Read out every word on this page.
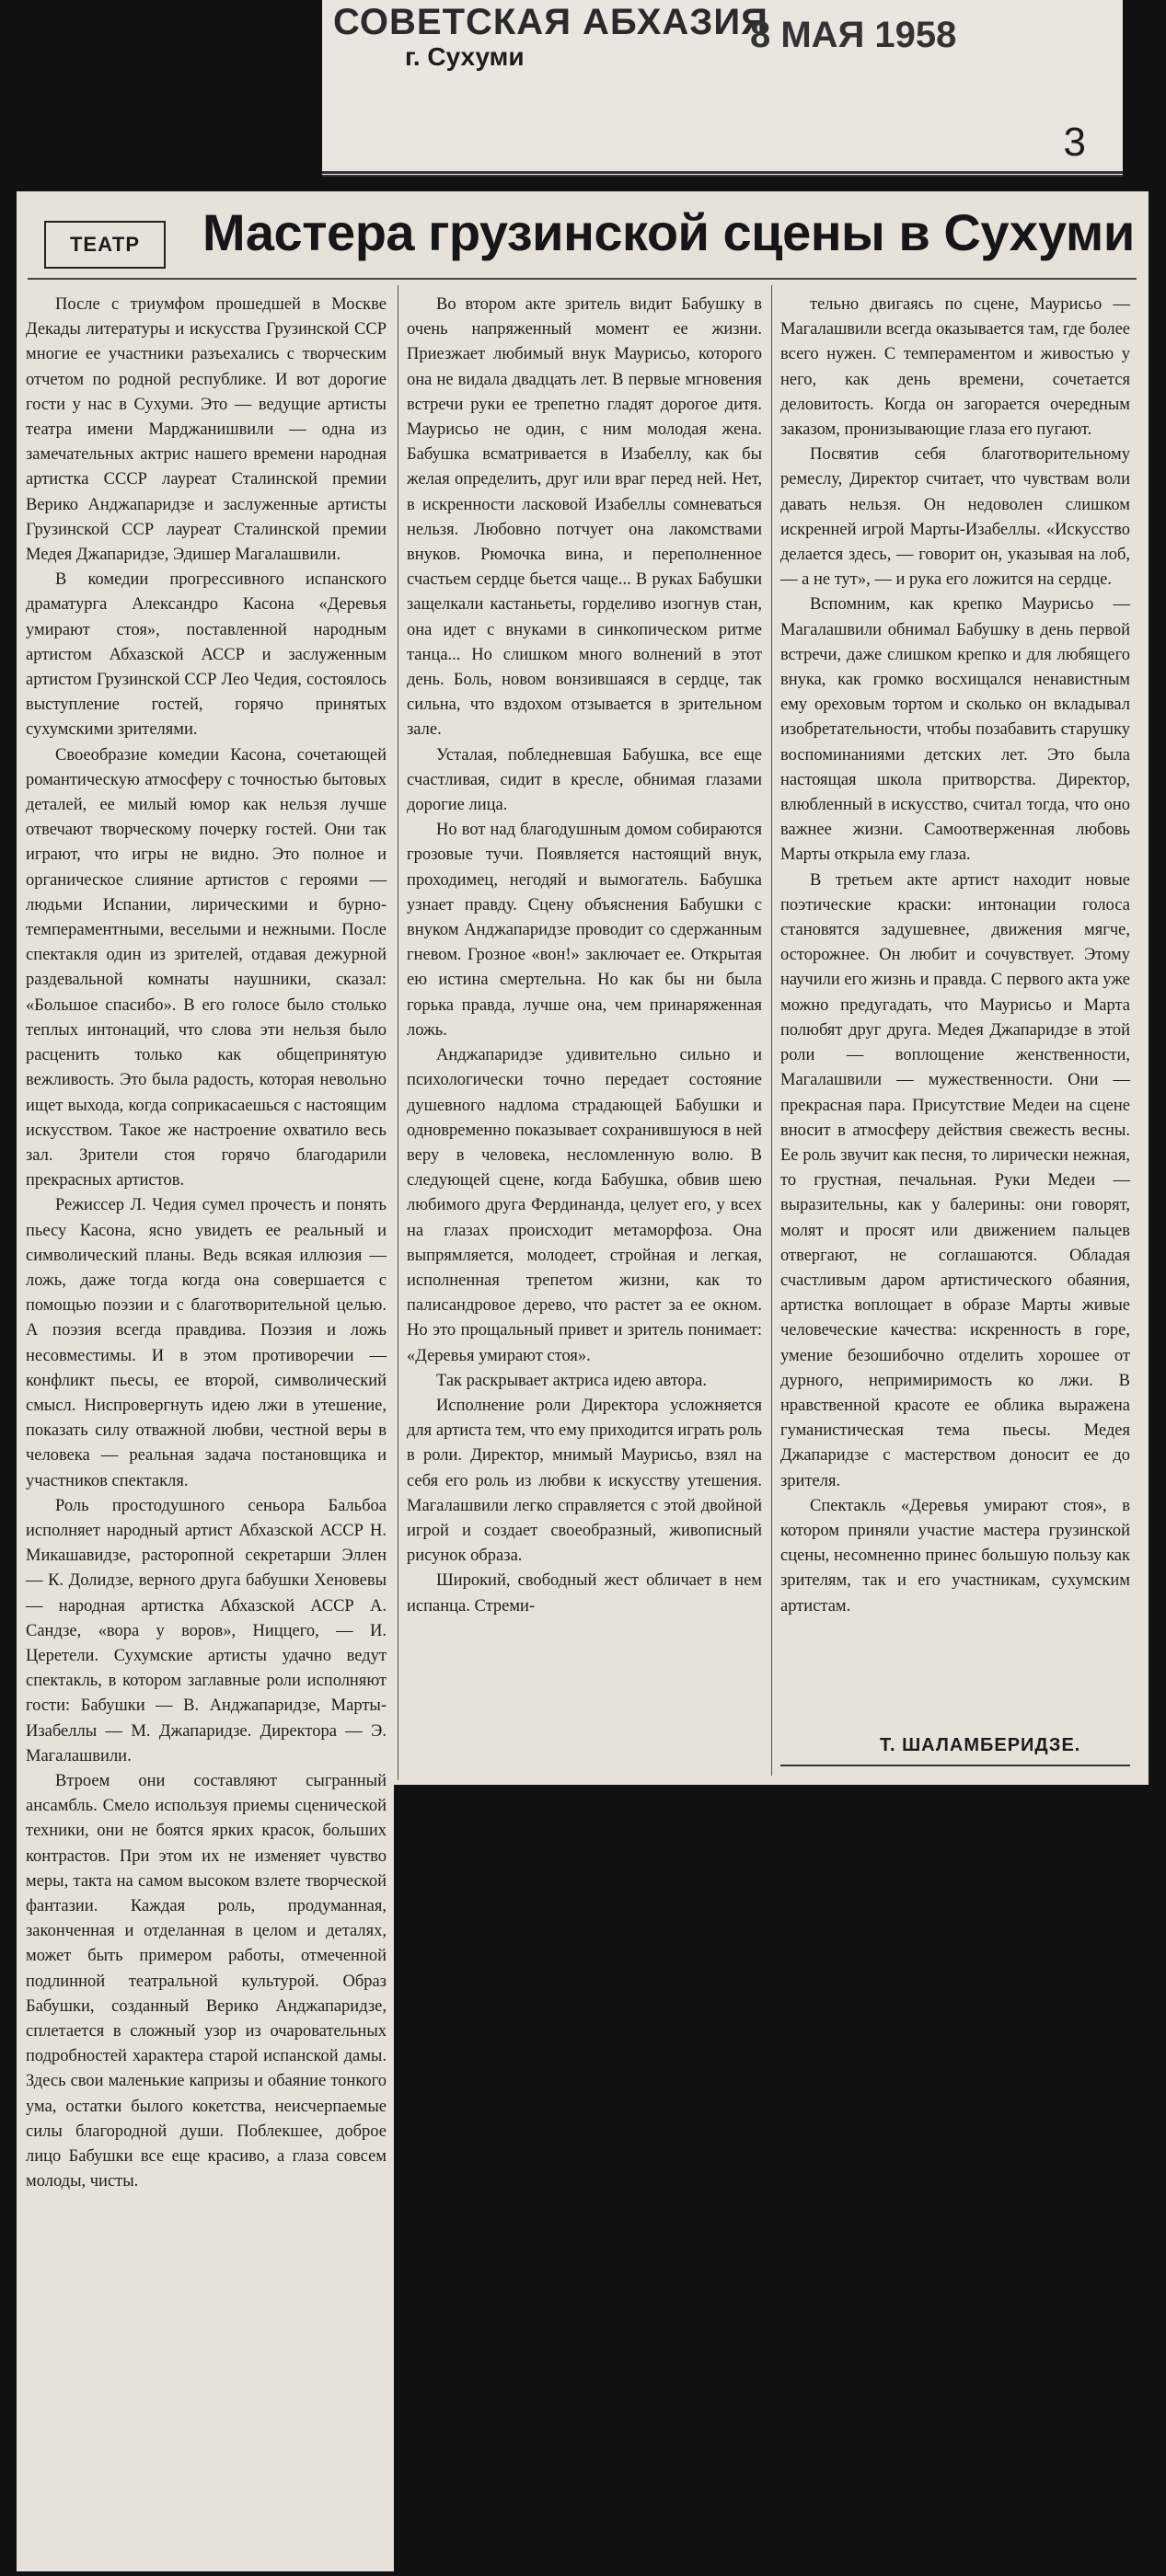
СОВЕТСКАЯ АБХАЗИЯ
г. Сухуми
8 МАЯ 1958
3
ТЕАТР	Мастера грузинской сцены в Сухуми

После с триумфом прошедшей в Москве Декады литературы и искусства Грузинской ССР многие ее участники разъехались с творческим отчетом по родной республике. И вот дорогие гости у нас в Сухуми. Это — ведущие артисты театра имени Марджанишвили — одна из замечательных актрис нашего времени народная артистка СССР лауреат Сталинской премии Верико Анджапаридзе и заслуженные артисты Грузинской ССР лауреат Сталинской премии Медея Джапаридзе, Эдишер Магалашвили.

В комедии прогрессивного испанского драматурга Александро Касона «Деревья умирают стоя», поставленной народным артистом Абхазской АССР и заслуженным артистом Грузинской ССР Лео Чедия, состоялось выступление гостей, горячо принятых сухумскими зрителями.

Своеобразие комедии Касона, сочетающей романтическую атмосферу с точностью бытовых деталей, ее милый юмор как нельзя лучше отвечают творческому почерку гостей. Они так играют, что игры не видно. Это полное и органическое слияние артистов с героями — людьми Испании, лирическими и бурно-темпераментными, веселыми и нежными. После спектакля один из зрителей, отдавая дежурной раздевальной комнаты наушники, сказал: «Большое спасибо». В его голосе было столько теплых интонаций, что слова эти нельзя было расценить только как общепринятую вежливость. Это была радость, которая невольно ищет выхода, когда соприкасаешься с настоящим искусством. Такое же настроение охватило весь зал. Зрители стоя горячо благодарили прекрасных артистов.

Режиссер Л. Чедия сумел прочесть и понять пьесу Касона, ясно увидеть ее реальный и символический планы. Ведь всякая иллюзия — ложь, даже тогда когда она совершается с помощью поэзии и с благотворительной целью. А поэзия всегда правдива. Поэзия и ложь несовместимы. И в этом противоречии — конфликт пьесы, ее второй, символический смысл. Ниспровергнуть идею лжи в утешение, показать силу отважной любви, честной веры в человека — реальная задача постановщика и участников спектакля.

Роль простодушного сеньора Бальбоа исполняет народный артист Абхазской АССР Н. Микашавидзе, расторопной секретарши Эллен — К. Долидзе, верного друга бабушки Хеновевы — народная артистка Абхазской АССР А. Сандзе, «вора у воров», Ниццего, — И. Церетели. Сухумские артисты удачно ведут спектакль, в котором заглавные роли исполняют гости: Бабушки — В. Анджапаридзе, Марты-Изабеллы — М. Джапаридзе. Директора — Э. Магалашвили.

Втроем они составляют сыгранный ансамбль. Смело используя приемы сценической техники, они не боятся ярких красок, больших контрастов. При этом их не изменяет чувство меры, такта на самом высоком взлете творческой фантазии. Каждая роль, продуманная, законченная и отделанная в целом и деталях, может быть примером работы, отмеченной подлинной театральной культурой. Образ Бабушки, созданный Верико Анджапаридзе, сплетается в сложный узор из очаровательных подробностей характера старой испанской дамы. Здесь свои маленькие капризы и обаяние тонкого ума, остатки былого кокетства, неисчерпаемые силы благородной души. Поблекшее, доброе лицо Бабушки все еще красиво, а глаза совсем молоды, чисты.

Во втором акте зритель видит Бабушку в очень напряженный момент ее жизни. Приезжает любимый внук Маурисьо, которого она не видала двадцать лет. В первые мгновения встречи руки ее трепетно гладят дорогое дитя. Маурисьо не один, с ним молодая жена. Бабушка всматривается в Изабеллу, как бы желая определить, друг или враг перед ней. Нет, в искренности ласковой Изабеллы сомневаться нельзя. Любовно потчует она лакомствами внуков. Рюмочка вина, и переполненное счастьем сердце бьется чаще... В руках Бабушки защелкали кастаньеты, горделиво изогнув стан, она идет с внуками в синкопическом ритме танца... Но слишком много волнений в этот день. Боль, новом вонзившаяся в сердце, так сильна, что вздохом отзывается в зрительном зале.

Усталая, побледневшая Бабушка, все еще счастливая, сидит в кресле, обнимая глазами дорогие лица.

Но вот над благодушным домом собираются грозовые тучи. Появляется настоящий внук, проходимец, негодяй и вымогатель. Бабушка узнает правду. Сцену объяснения Бабушки с внуком Анджапаридзе проводит со сдержанным гневом. Грозное «вон!» заключает ее. Открытая ею истина смертельна. Но как бы ни была горька правда, лучше она, чем принаряженная ложь.

Анджапаридзе удивительно сильно и психологически точно передает состояние душевного надлома страдающей Бабушки и одновременно показывает сохранившуюся в ней веру в человека, несломленную волю. В следующей сцене, когда Бабушка, обвив шею любимого друга Фердинанда, целует его, у всех на глазах происходит метаморфоза. Она выпрямляется, молодеет, стройная и легкая, исполненная трепетом жизни, как то палисандровое дерево, что растет за ее окном. Но это прощальный привет и зритель понимает: «Деревья умирают стоя».

Так раскрывает актриса идею автора.

Исполнение роли Директора усложняется для артиста тем, что ему приходится играть роль в роли. Директор, мнимый Маурисьо, взял на себя его роль из любви к искусству утешения. Магалашвили легко справляется с этой двойной игрой и создает своеобразный, живописный рисунок образа.

Широкий, свободный жест обличает в нем испанца. Стреми-

тельно двигаясь по сцене, Маурисьо — Магалашвили всегда оказывается там, где более всего нужен. С темпераментом и живостью у него, как день времени, сочетается деловитость. Когда он загорается очередным заказом, пронизывающие глаза его пугают.

Посвятив себя благотворительному ремеслу, Директор считает, что чувствам воли давать нельзя. Он недоволен слишком искренней игрой Марты-Изабеллы. «Искусство делается здесь, — говорит он, указывая на лоб, — а не тут», — и рука его ложится на сердце.

Вспомним, как крепко Маурисьо — Магалашвили обнимал Бабушку в день первой встречи, даже слишком крепко и для любящего внука, как громко восхищался ненавистным ему ореховым тортом и сколько он вкладывал изобретательности, чтобы позабавить старушку воспоминаниями детских лет. Это была настоящая школа притворства. Директор, влюбленный в искусство, считал тогда, что оно важнее жизни. Самоотверженная любовь Марты открыла ему глаза.

В третьем акте артист находит новые поэтические краски: интонации голоса становятся задушевнее, движения мягче, осторожнее. Он любит и сочувствует. Этому научили его жизнь и правда. С первого акта уже можно предугадать, что Маурисьо и Марта полюбят друг друга. Медея Джапаридзе в этой роли — воплощение женственности, Магалашвили — мужественности. Они — прекрасная пара. Присутствие Медеи на сцене вносит в атмосферу действия свежесть весны. Ее роль звучит как песня, то лирически нежная, то грустная, печальная. Руки Медеи — выразительны, как у балерины: они говорят, молят и просят или движением пальцев отвергают, не соглашаются. Обладая счастливым даром артистического обаяния, артистка воплощает в образе Марты живые человеческие качества: искренность в горе, умение безошибочно отделить хорошее от дурного, непримиримость ко лжи. В нравственной красоте ее облика выражена гуманистическая тема пьесы. Медея Джапаридзе с мастерством доносит ее до зрителя.

Спектакль «Деревья умирают стоя», в котором приняли участие мастера грузинской сцены, несомненно принес большую пользу как зрителям, так и его участникам, сухумским артистам.

Т. ШАЛАМБЕРИДЗЕ.
